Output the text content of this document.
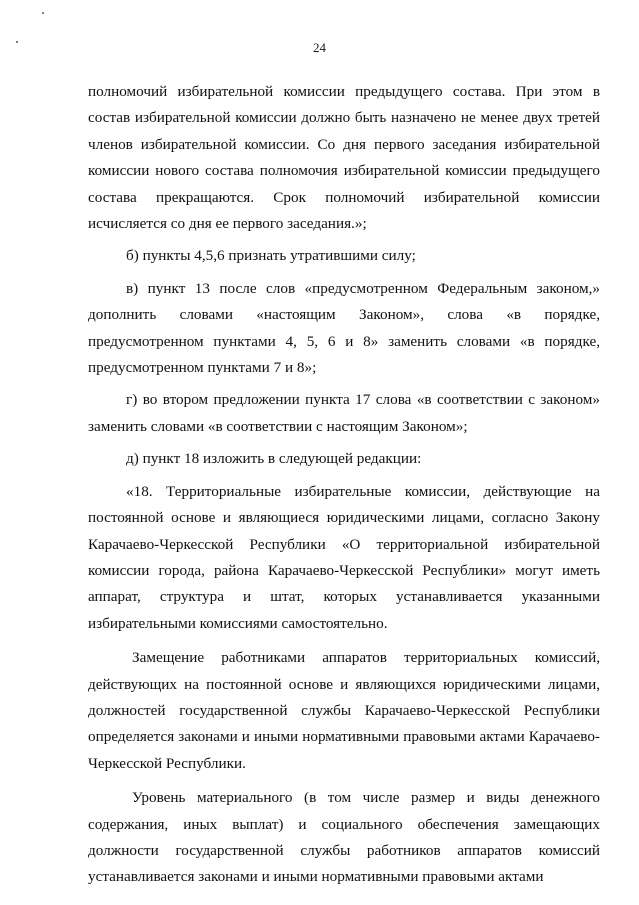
24

полномочий избирательной комиссии предыдущего состава. При этом в состав избирательной комиссии должно быть назначено не менее двух третей членов избирательной комиссии. Со дня первого заседания избирательной комиссии нового состава полномочия избирательной комиссии предыдущего состава прекращаются. Срок полномочий избирательной комиссии исчисляется со дня ее первого заседания.»;

б) пункты 4,5,6 признать утратившими силу;

в) пункт 13 после слов «предусмотренном Федеральным законом,» дополнить словами «настоящим Законом», слова «в порядке, предусмотренном пунктами 4, 5, 6 и 8» заменить словами «в порядке, предусмотренном пунктами 7 и 8»;

г) во втором предложении пункта 17 слова «в соответствии с законом» заменить словами «в соответствии с настоящим Законом»;

д) пункт 18 изложить в следующей редакции:

«18. Территориальные избирательные комиссии, действующие на постоянной основе и являющиеся юридическими лицами, согласно Закону Карачаево-Черкесской Республики «О территориальной избирательной комиссии города, района Карачаево-Черкесской Республики» могут иметь аппарат, структура и штат, которых устанавливается указанными избирательными комиссиями самостоятельно.

Замещение работниками аппаратов территориальных комиссий, действующих на постоянной основе и являющихся юридическими лицами, должностей государственной службы Карачаево-Черкесской Республики определяется законами и иными нормативными правовыми актами Карачаево-Черкесской Республики.

Уровень материального (в том числе размер и виды денежного содержания, иных выплат) и социального обеспечения замещающих должности государственной службы работников аппаратов комиссий устанавливается законами и иными нормативными правовыми актами
